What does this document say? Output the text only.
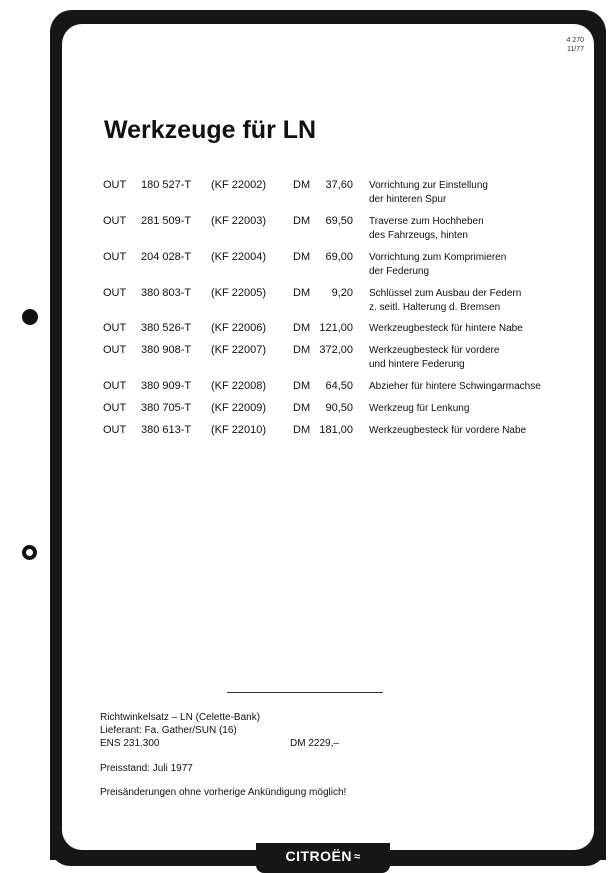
CITROËN ≈
4 270
11/77
Werkzeuge für LN
OUT 180 527-T (KF 22002) DM	37,60 Vorrichtung zur Einstellung
der hinteren Spur
OUT 281 509-T (KF 22003) DM	69,50 Traverse zum Hochheben
des Fahrzeugs, hinten
OUT 204 028-T (KF 22004) DM	69,00 Vorrichtung zum Komprimieren
der Federung
OUT 380 803-T (KF 22005) DM	9,20 Schlüssel zum Ausbau der Federn
z. seitl. Halterung d. Bremsen
OUT 380 526-T (KF 22006) DM 121,00 Werkzeugbesteck für hintere Nabe
OUT 380 908-T (KF 22007) DM 372,00 Werkzeugbesteck für vordere
und hintere Federung
OUT 380 909-T (KF 22008) DM	64,50 Abzieher für hintere Schwingarmachse
OUT 380 705-T (KF 22009) DM	90,50 Werkzeug für Lenkung
OUT 380 613-T (KF 22010) DM 181,00 Werkzeugbesteck für vordere Nabe
Richtwinkelsatz – LN (Celette-Bank)
Lieferant: Fa. Gather/SUN (16)
ENS 231.300	DM 2229,–
Preisstand: Juli 1977
Preisänderungen ohne vorherige Ankündigung möglich!
